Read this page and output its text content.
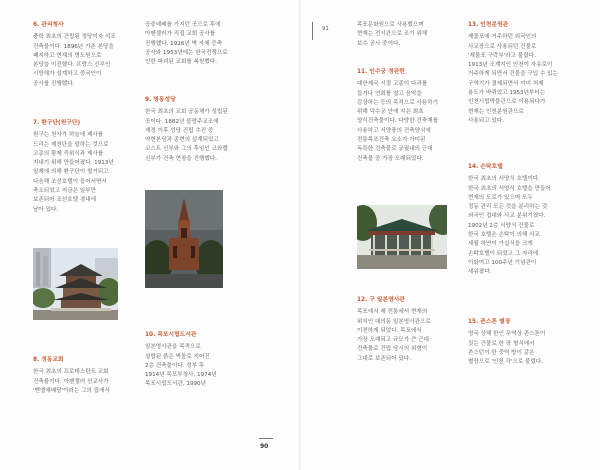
6. 관리청사

충학 최초의 건립된 정당이자 석조

건축물이다. 1896년 기존 본당을

폐지하고 현재의 명도원으로

본당을 이전했다. 프랑스 신부인

시방해가 설계하고 중국인이

공사를 진행했다.

7. 환구단(원구단)

원구는 천자가 하늘에 제사를

드리는 제천단을 말하는 것으로

고종의 황제 즉위식과 제사를

지내기 위해 만들어졌다. 1913년

일제에 의해 환구단이 철거되고

다음해 조선호텔이 들어서면서

축소되었고 지금은 일부만

보존되어 조선호텔 경내에

남아 있다.

8. 정동교회

한국 최초의 프로테스탄트 교회

건축물이다. 아펜젤러 선교사가

'벧엘예배당'이라는 그의 집에서

공중예배를 가지던 곳으로 후에

아펜젤러가 직접 교회 공사를

진행했다. 1926년 벽 자체 증축

공사와 1953년에는 한국전쟁으로

인한 파괴된 교회를 복원했다.

9. 명동성당

한국 최초의 교회 공동체가 성립된

곳이다. 1882년 블랑주교조에

재경 이후 성당 건립 추진 중

약현본당과 종현의 설계되었고

코스트 신부와 그의 후임인 코와렙

신부가 건축 현장을 진행했다.

10. 목포시립도서관

일본영사관을 목적으로

설립된 붉은 벽돌로 지어진

2층 건축물이다. 정부 후

1914년 목포부청사, 1974년

목포시립도서관, 1990년

90
91

목포문화원으로 사용했으며

현재는 전시관으로 조기 위해

보수 공사 중이다.

11. 인수궁 정관헌

대한제국 시절 고종이 다과를

들거나 연회를 열고 음악을

감상하는 등의 목적으로 사용하기

위해 덕수궁 안에 지은 최초

양식건축물이다. 다양한 건축재를

사용하고 서양풍의 건축양식에

전통목조건축 요소가 가미된

독특한 건축물로 궁궐내의 근대

건축물 중 가장 오래되었다.

12. 구 일본영사관

목포에서 제 전통에서 현재의

위치인 대의동 일본영사관으로

이전하게 되었다. 목포에서

가장 오래되고 규모가 큰 근대

건축물로 건립 당시의 외형이

그대로 보존되어 있다.

13. 인천분원관

제물포에 거주하던 외국인의

사교장으로 사용되던 건물로

'제물포 구락부'라고 불렸다.

1913년 조계지인 인천이 자유로이

거주하게 되면서 건물을 구입 수 있는

구역기가 결제되면서 이미 처제

용도가 바뀌었고 1953년부터는

인천시립박물관으로 이용되다가

현재는 인천분원관으로

사용되고 있다.

14. 손탁호텔

한국 최초의 서양식 호텔이다.

한국 최초의 서양식 호텔을 만들어

현재의 도로가 있으며 모두

정동 관리 모든 것을 분리하는 것

외국인 접대와 사교 분위기였다.

1902년 2층 서양식 건물로

한국 호텔은 손탁이 의해 사교

세월 하얀이 가십식을 크게

손탁호텔이 되었고 그 자리에

이화여고 100주년 기념관이

세워졌다.

15. 존스톤 별장

영국 상해 한인 무역상 존스톤이

짓는 건물로 한 장 형식에서

존스턴이 한 중역 방이 같은

별장으로 '인천 각'으로 불렸다.
